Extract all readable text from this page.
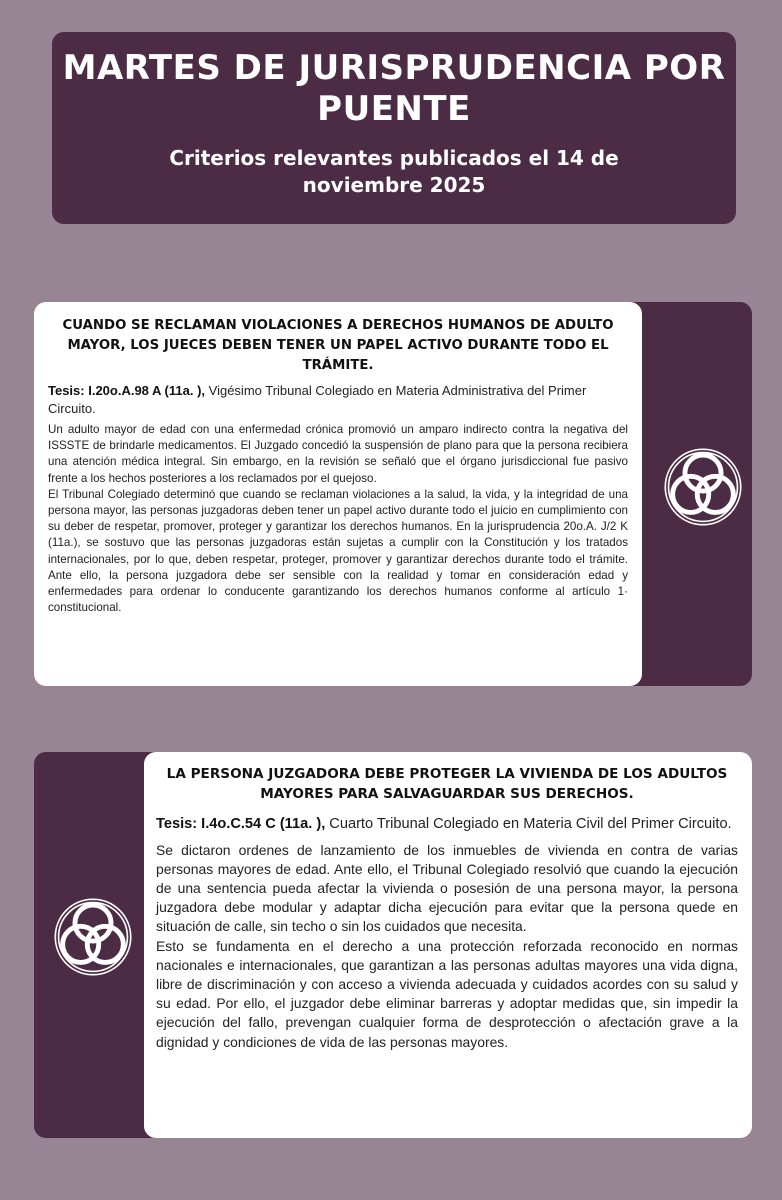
MARTES DE JURISPRUDENCIA POR PUENTE
Criterios relevantes publicados el 14 de noviembre 2025
CUANDO SE RECLAMAN VIOLACIONES A DERECHOS HUMANOS DE ADULTO MAYOR, LOS JUECES DEBEN TENER UN PAPEL ACTIVO DURANTE TODO EL TRÁMITE.

Tesis: I.20o.A.98 A (11a. ), Vigésimo Tribunal Colegiado en Materia Administrativa del Primer Circuito.

Un adulto mayor de edad con una enfermedad crónica promovió un amparo indirecto contra la negativa del ISSSTE de brindarle medicamentos. El Juzgado concedió la suspensión de plano para que la persona recibiera una atención médica integral. Sin embargo, en la revisión se señaló que el órgano jurisdiccional fue pasivo frente a los hechos posteriores a los reclamados por el quejoso.

El Tribunal Colegiado determinó que cuando se reclaman violaciones a la salud, la vida, y la integridad de una persona mayor, las personas juzgadoras deben tener un papel activo durante todo el juicio en cumplimiento con su deber de respetar, promover, proteger y garantizar los derechos humanos. En la jurisprudencia 20o.A. J/2 K (11a.), se sostuvo que las personas juzgadoras están sujetas a cumplir con la Constitución y los tratados internacionales, por lo que, deben respetar, proteger, promover y garantizar derechos durante todo el trámite. Ante ello, la persona juzgadora debe ser sensible con la realidad y tomar en consideración edad y enfermedades para ordenar lo conducente garantizando los derechos humanos conforme al artículo 1· constitucional.

LA PERSONA JUZGADORA DEBE PROTEGER LA VIVIENDA DE LOS ADULTOS MAYORES PARA SALVAGUARDAR SUS DERECHOS.

Tesis: I.4o.C.54 C (11a. ), Cuarto Tribunal Colegiado en Materia Civil del Primer Circuito.

Se dictaron ordenes de lanzamiento de los inmuebles de vivienda en contra de varias personas mayores de edad. Ante ello, el Tribunal Colegiado resolvió que cuando la ejecución de una sentencia pueda afectar la vivienda o posesión de una persona mayor, la persona juzgadora debe modular y adaptar dicha ejecución para evitar que la persona quede en situación de calle, sin techo o sin los cuidados que necesita.

Esto se fundamenta en el derecho a una protección reforzada reconocido en normas nacionales e internacionales, que garantizan a las personas adultas mayores una vida digna, libre de discriminación y con acceso a vivienda adecuada y cuidados acordes con su salud y su edad. Por ello, el juzgador debe eliminar barreras y adoptar medidas que, sin impedir la ejecución del fallo, prevengan cualquier forma de desprotección o afectación grave a la dignidad y condiciones de vida de las personas mayores.
